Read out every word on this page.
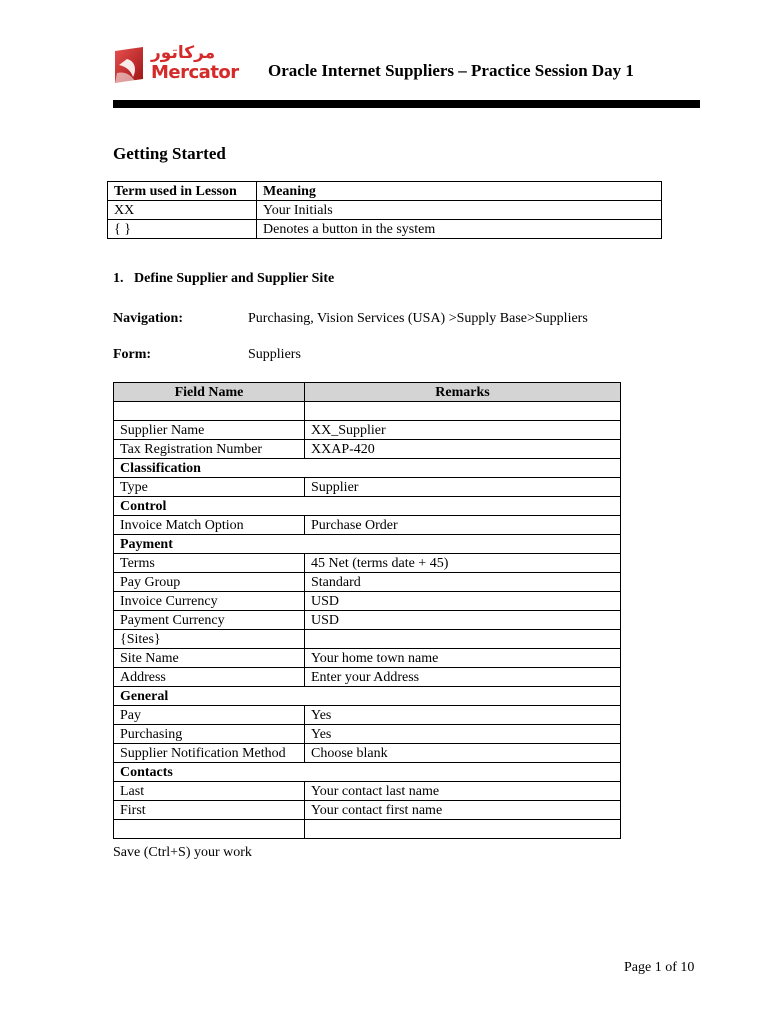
مركاتور
Mercator Oracle Internet Suppliers – Practice Session Day 1
Getting Started
Term used in Lesson	Meaning
XX	Your Initials
{ }	Denotes a button in the system
1. Define Supplier and Supplier Site
Navigation:	Purchasing, Vision Services (USA) >Supply Base>Suppliers
Form:	Suppliers
Field Name	Remarks

Supplier Name	XX_Supplier
Tax Registration Number	XXAP-420
Classification	
Type	Supplier
Control	
Invoice Match Option	Purchase Order
Payment	
Terms	45 Net (terms date + 45)
Pay Group	Standard
Invoice Currency	USD
Payment Currency	USD
{Sites}	
Site Name	Your home town name
Address	Enter your Address
General	
Pay	Yes
Purchasing	Yes
Supplier Notification Method	Choose blank
Contacts	
Last	Your contact last name
First	Your contact first name

Save (Ctrl+S) your work
Page 1 of 10
